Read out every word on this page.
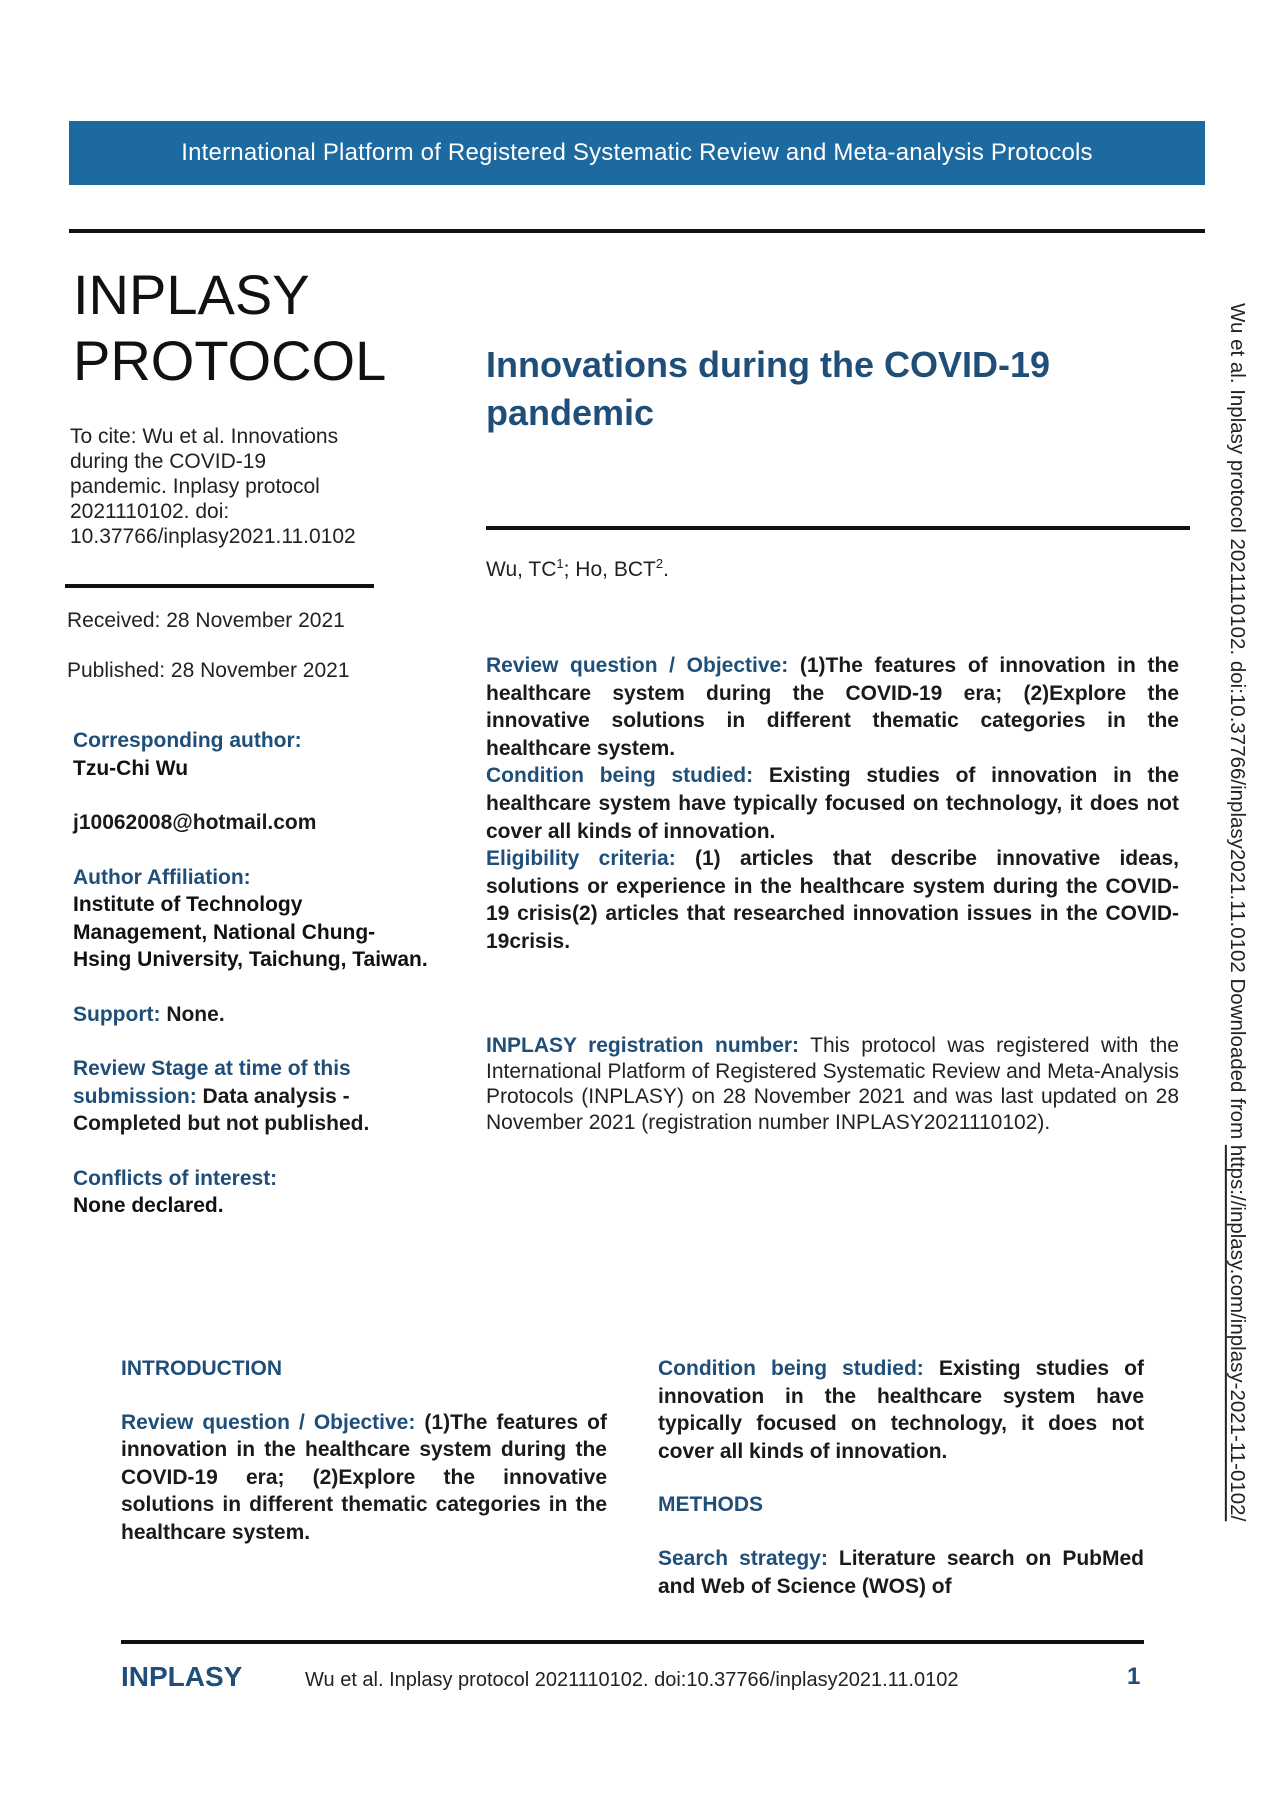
International Platform of Registered Systematic Review and Meta-analysis Protocols
INPLASY
PROTOCOL
To cite: Wu et al. Innovations
during the COVID-19
pandemic. Inplasy protocol
2021110102. doi:
10.37766/inplasy2021.11.0102
Received: 28 November 2021
Published: 28 November 2021

Corresponding author:
Tzu-Chi Wu

j10062008@hotmail.com

Author Affiliation:
Institute of Technology Management, National Chung-Hsing University, Taichung, Taiwan.

Support: None.

Review Stage at time of this submission: Data analysis - Completed but not published.

Conflicts of interest:
None declared.

Innovations during the COVID-19 pandemic
Wu, $TC^1$; Ho, BCT$^2$.

Review question / Objective: (1)The features of innovation in the healthcare system during the COVID-19 era; (2)Explore the innovative solutions in different thematic categories in the healthcare system.

Condition being studied: Existing studies of innovation in the healthcare system have typically focused on technology, it does not cover all kinds of innovation.

Eligibility criteria: (1) articles that describe innovative ideas, solutions or experience in the healthcare system during the COVID-19 crisis(2) articles that researched innovation issues in the COVID-19crisis.

INPLASY registration number: This protocol was registered with the International Platform of Registered Systematic Review and Meta-Analysis Protocols (INPLASY) on 28 November 2021 and was last updated on 28 November 2021 (registration number INPLASY2021110102).
INTRODUCTION

Review question / Objective: (1)The features of innovation in the healthcare system during the COVID-19 era; (2)Explore the innovative solutions in different thematic categories in the healthcare system.

Condition being studied: Existing studies of innovation in the healthcare system have typically focused on technology, it does not cover all kinds of innovation.

METHODS

Search strategy: Literature search on PubMed and Web of Science (WOS) of

INPLASY	Wu et al. Inplasy protocol 2021110102. doi:10.37766/inplasy2021.11.0102	1
Wu et al. Inplasy protocol 2021110102. doi:10.37766/inplasy2021.11.0102 Downloaded from https://inplasy.com/inplasy-2021-11-0102/
